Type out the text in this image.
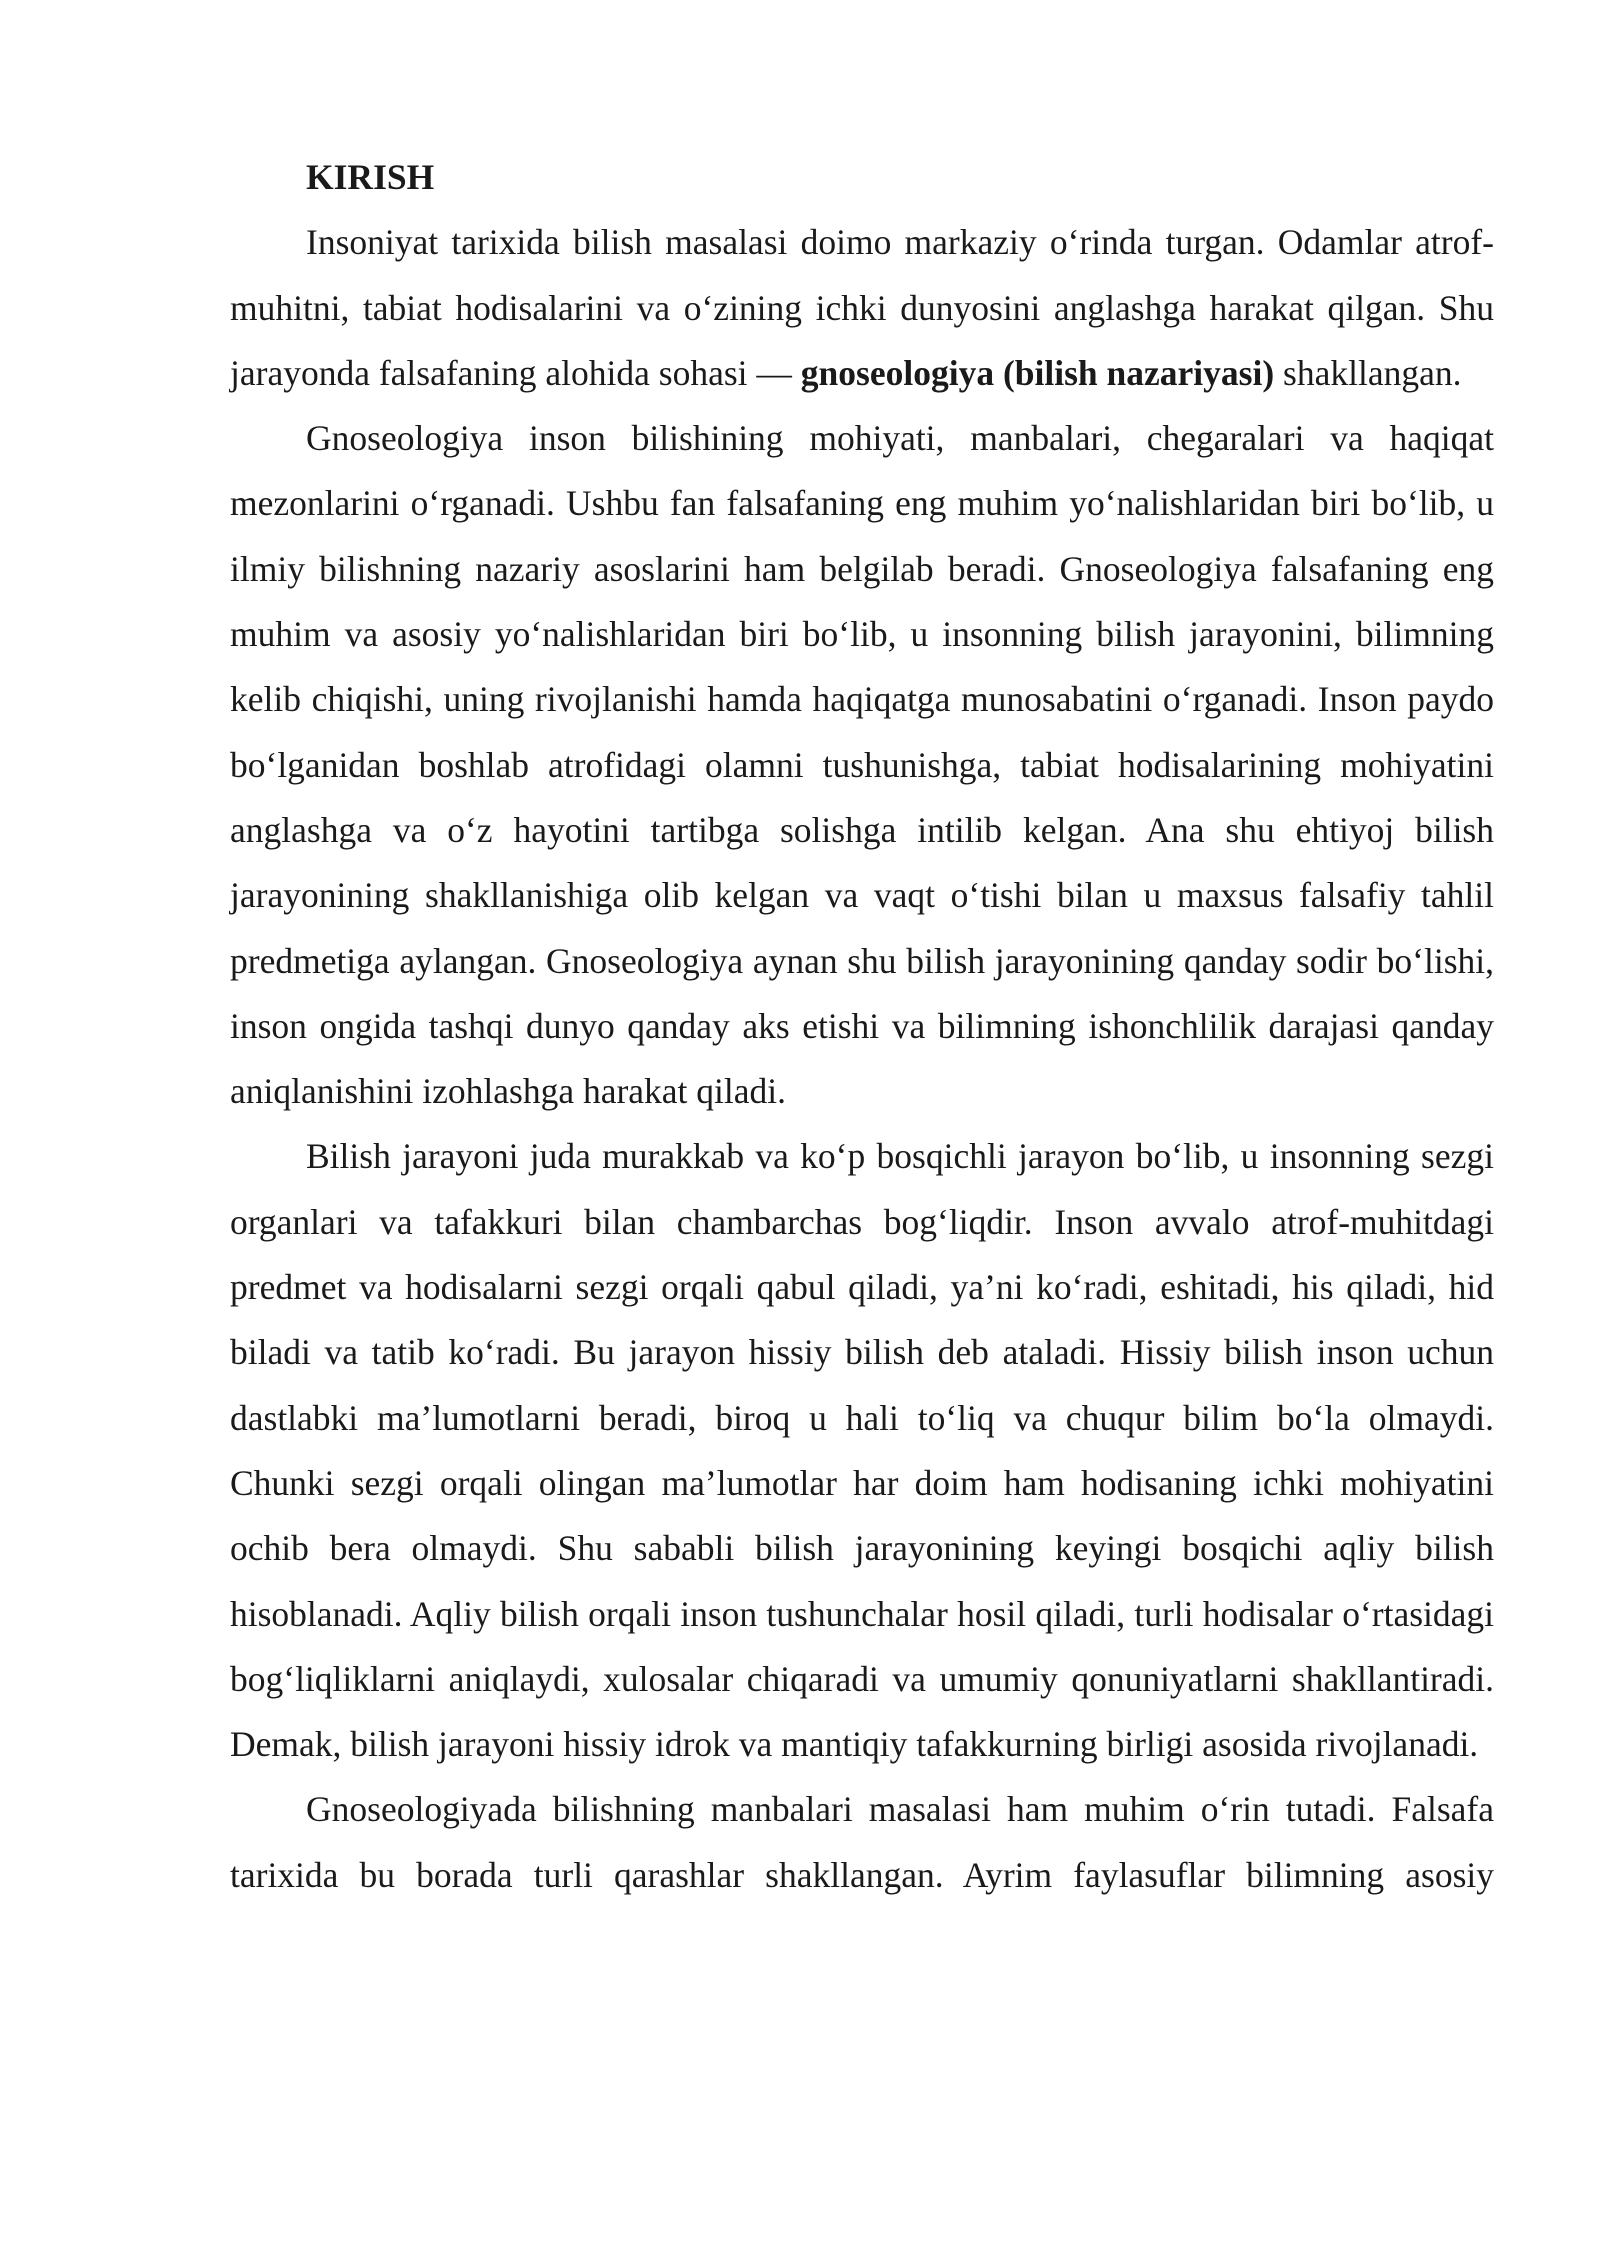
KIRISH

Insoniyat tarixida bilish masalasi doimo markaziy o‘rinda turgan. Odamlar atrof-muhitni, tabiat hodisalarini va o‘zining ichki dunyosini anglashga harakat qilgan. Shu jarayonda falsafaning alohida sohasi — gnoseologiya (bilish nazariyasi) shakllangan.

Gnoseologiya inson bilishining mohiyati, manbalari, chegaralari va haqiqat mezonlarini o‘rganadi. Ushbu fan falsafaning eng muhim yo‘nalishlaridan biri bo‘lib, u ilmiy bilishning nazariy asoslarini ham belgilab beradi. Gnoseologiya falsafaning eng muhim va asosiy yo‘nalishlaridan biri bo‘lib, u insonning bilish jarayonini, bilimning kelib chiqishi, uning rivojlanishi hamda haqiqatga munosabatini o‘rganadi. Inson paydo bo‘lganidan boshlab atrofidagi olamni tushunishga, tabiat hodisalarining mohiyatini anglashga va o‘z hayotini tartibga solishga intilib kelgan. Ana shu ehtiyoj bilish jarayonining shakllanishiga olib kelgan va vaqt o‘tishi bilan u maxsus falsafiy tahlil predmetiga aylangan. Gnoseologiya aynan shu bilish jarayonining qanday sodir bo‘lishi, inson ongida tashqi dunyo qanday aks etishi va bilimning ishonchlilik darajasi qanday aniqlanishini izohlashga harakat qiladi.

Bilish jarayoni juda murakkab va ko‘p bosqichli jarayon bo‘lib, u insonning sezgi organlari va tafakkuri bilan chambarchas bog‘liqdir. Inson avvalo atrof-muhitdagi predmet va hodisalarni sezgi orqali qabul qiladi, ya’ni ko‘radi, eshitadi, his qiladi, hid biladi va tatib ko‘radi. Bu jarayon hissiy bilish deb ataladi. Hissiy bilish inson uchun dastlabki ma’lumotlarni beradi, biroq u hali to‘liq va chuqur bilim bo‘la olmaydi. Chunki sezgi orqali olingan ma’lumotlar har doim ham hodisaning ichki mohiyatini ochib bera olmaydi. Shu sababli bilish jarayonining keyingi bosqichi aqliy bilish hisoblanadi. Aqliy bilish orqali inson tushunchalar hosil qiladi, turli hodisalar o‘rtasidagi bog‘liqliklarni aniqlaydi, xulosalar chiqaradi va umumiy qonuniyatlarni shakllantiradi. Demak, bilish jarayoni hissiy idrok va mantiqiy tafakkurning birligi asosida rivojlanadi.

Gnoseologiyada bilishning manbalari masalasi ham muhim o‘rin tutadi. Falsafa tarixida bu borada turli qarashlar shakllangan. Ayrim faylasuflar bilimning asosiy
